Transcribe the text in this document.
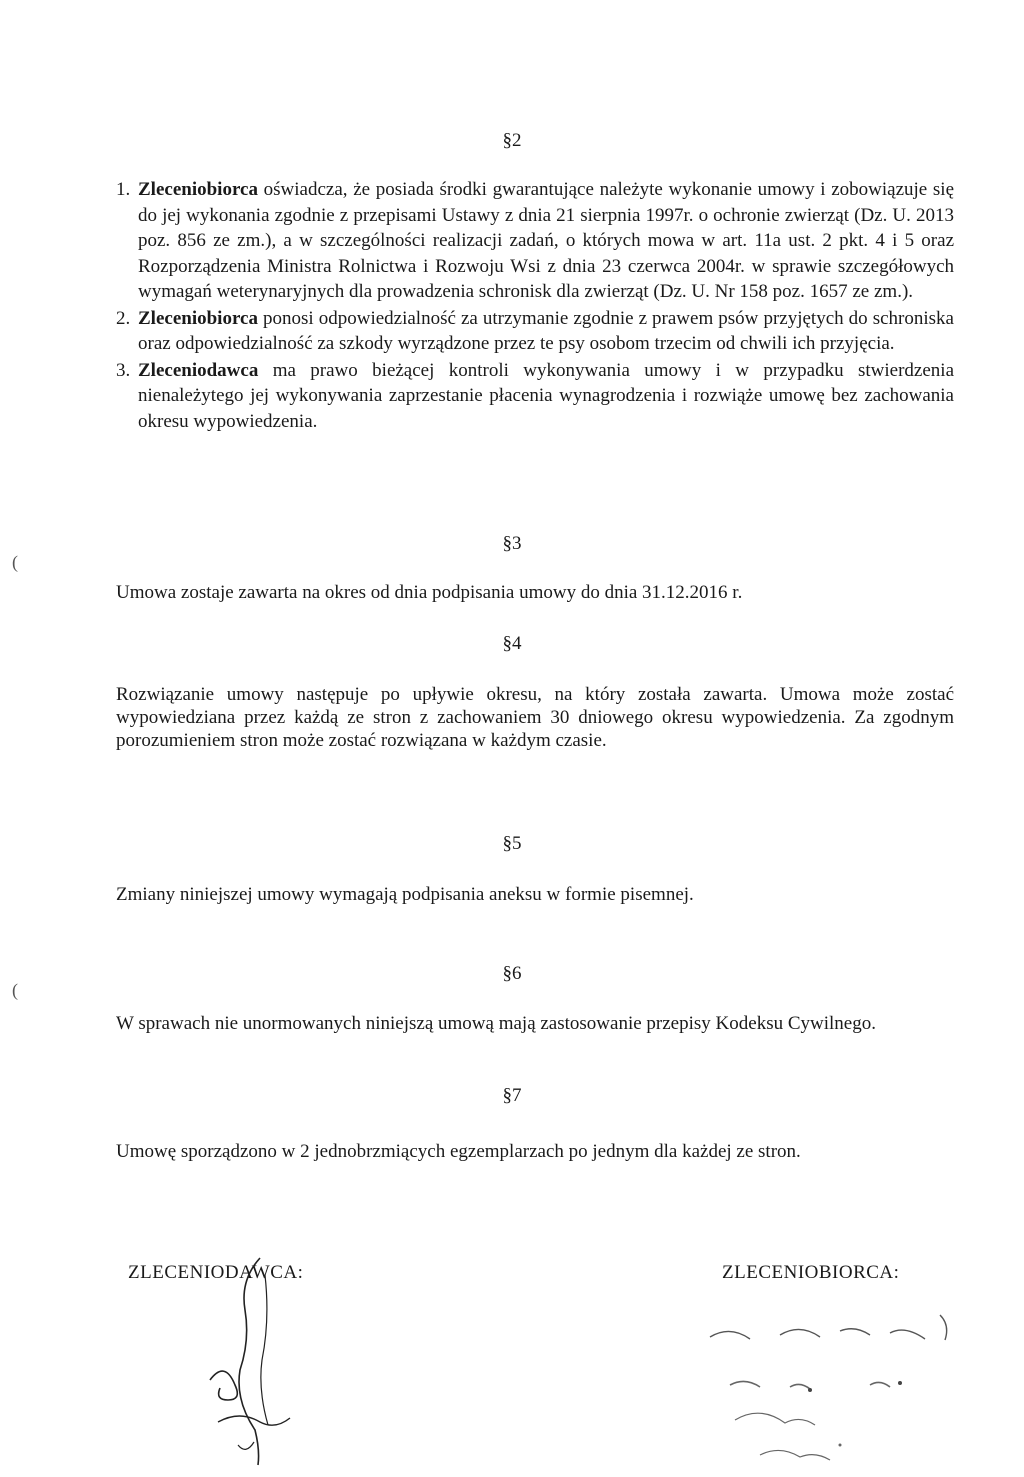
§2
1. Zleceniobiorca oświadcza, że posiada środki gwarantujące należyte wykonanie umowy i zobowiązuje się do jej wykonania zgodnie z przepisami Ustawy z dnia 21 sierpnia 1997r. o ochronie zwierząt (Dz. U. 2013 poz. 856 ze zm.), a w szczególności realizacji zadań, o których mowa w art. 11a ust. 2 pkt. 4 i 5 oraz Rozporządzenia Ministra Rolnictwa i Rozwoju Wsi z dnia 23 czerwca 2004r. w sprawie szczegółowych wymagań weterynaryjnych dla prowadzenia schronisk dla zwierząt (Dz. U. Nr 158 poz. 1657 ze zm.).
2. Zleceniobiorca ponosi odpowiedzialność za utrzymanie zgodnie z prawem psów przyjętych do schroniska oraz odpowiedzialność za szkody wyrządzone przez te psy osobom trzecim od chwili ich przyjęcia.
3. Zleceniodawca ma prawo bieżącej kontroli wykonywania umowy i w przypadku stwierdzenia nienależytego jej wykonywania zaprzestanie płacenia wynagrodzenia i rozwiąże umowę bez zachowania okresu wypowiedzenia.
(
(
§3
Umowa zostaje zawarta na okres od dnia podpisania umowy do dnia 31.12.2016 r.
§4
Rozwiązanie umowy następuje po upływie okresu, na który została zawarta. Umowa może zostać wypowiedziana przez każdą ze stron z zachowaniem 30 dniowego okresu wypowiedzenia. Za zgodnym porozumieniem stron może zostać rozwiązana w każdym czasie.
§5
Zmiany niniejszej umowy wymagają podpisania aneksu w formie pisemnej.
§6
W sprawach nie unormowanych niniejszą umową mają zastosowanie przepisy Kodeksu Cywilnego.
§7
Umowę sporządzono w 2 jednobrzmiących egzemplarzach po jednym dla każdej ze stron.
ZLECENIODAWCA:	ZLECENIOBIORCA:
